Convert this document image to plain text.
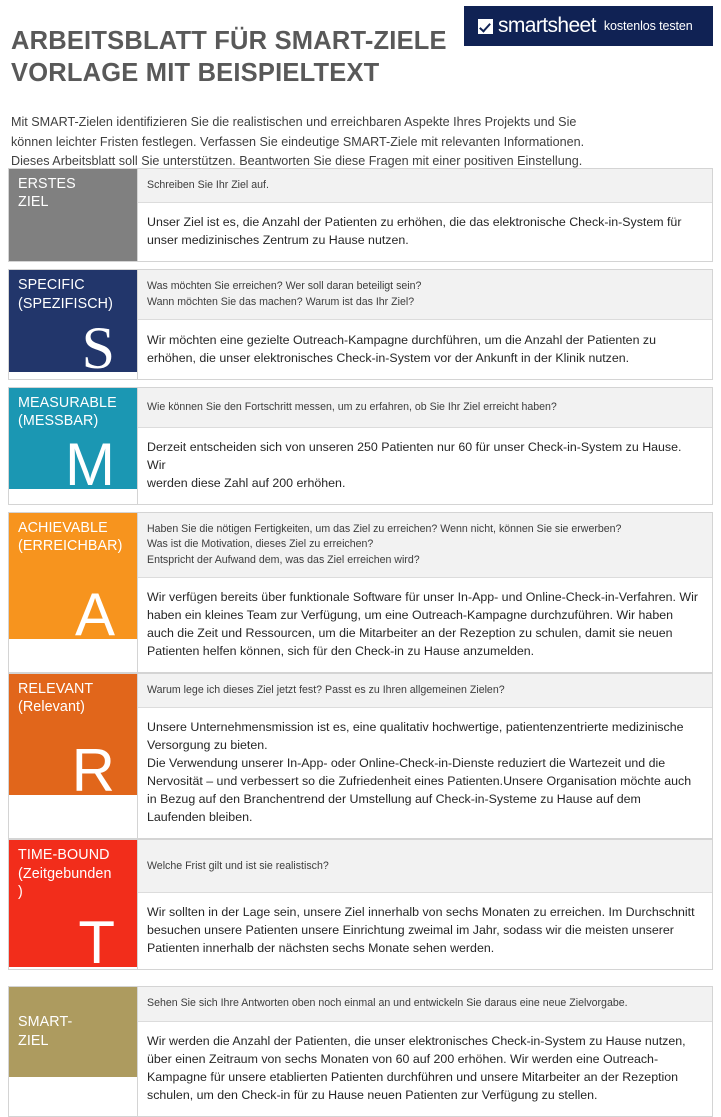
smartsheet kostenlos testen
ARBEITSBLATT FÜR SMART-ZIELE
VORLAGE MIT BEISPIELTEXT
Mit SMART-Zielen identifizieren Sie die realistischen und erreichbaren Aspekte Ihres Projekts und Sie
können leichter Fristen festlegen. Verfassen Sie eindeutige SMART-Ziele mit relevanten Informationen.
Dieses Arbeitsblatt soll Sie unterstützen. Beantworten Sie diese Fragen mit einer positiven Einstellung.
ERSTES
ZIEL
Schreiben Sie Ihr Ziel auf.
Unser Ziel ist es, die Anzahl der Patienten zu erhöhen, die das elektronische Check-in-System für
unser medizinisches Zentrum zu Hause nutzen.
SPECIFIC
(SPEZIFISCH)
S
Was möchten Sie erreichen? Wer soll daran beteiligt sein?
Wann möchten Sie das machen? Warum ist das Ihr Ziel?
Wir möchten eine gezielte Outreach-Kampagne durchführen, um die Anzahl der Patienten zu
erhöhen, die unser elektronisches Check-in-System vor der Ankunft in der Klinik nutzen.
MEASURABLE
(MESSBAR)
M
Wie können Sie den Fortschritt messen, um zu erfahren, ob Sie Ihr Ziel erreicht haben?
Derzeit entscheiden sich von unseren 250 Patienten nur 60 für unser Check-in-System zu Hause. Wir
werden diese Zahl auf 200 erhöhen.
ACHIEVABLE
(ERREICHBAR)
A
Haben Sie die nötigen Fertigkeiten, um das Ziel zu erreichen? Wenn nicht, können Sie sie erwerben?
Was ist die Motivation, dieses Ziel zu erreichen?
Entspricht der Aufwand dem, was das Ziel erreichen wird?
Wir verfügen bereits über funktionale Software für unser In-App- und Online-Check-in-Verfahren. Wir
haben ein kleines Team zur Verfügung, um eine Outreach-Kampagne durchzuführen. Wir haben
auch die Zeit und Ressourcen, um die Mitarbeiter an der Rezeption zu schulen, damit sie neuen
Patienten helfen können, sich für den Check-in zu Hause anzumelden.
RELEVANT
(Relevant)
R
Warum lege ich dieses Ziel jetzt fest? Passt es zu Ihren allgemeinen Zielen?
Unsere Unternehmensmission ist es, eine qualitativ hochwertige, patientenzentrierte medizinische
Versorgung zu bieten.
Die Verwendung unserer In-App- oder Online-Check-in-Dienste reduziert die Wartezeit und die
Nervosität – und verbessert so die Zufriedenheit eines Patienten.Unsere Organisation möchte auch
in Bezug auf den Branchentrend der Umstellung auf Check-in-Systeme zu Hause auf dem
Laufenden bleiben.
TIME-BOUND
(Zeitgebunden
)
T
Welche Frist gilt und ist sie realistisch?
Wir sollten in der Lage sein, unsere Ziel innerhalb von sechs Monaten zu erreichen. Im Durchschnitt
besuchen unsere Patienten unsere Einrichtung zweimal im Jahr, sodass wir die meisten unserer
Patienten innerhalb der nächsten sechs Monate sehen werden.
SMART-
ZIEL
Sehen Sie sich Ihre Antworten oben noch einmal an und entwickeln Sie daraus eine neue Zielvorgabe.
Wir werden die Anzahl der Patienten, die unser elektronisches Check-in-System zu Hause nutzen,
über einen Zeitraum von sechs Monaten von 60 auf 200 erhöhen. Wir werden eine Outreach-
Kampagne für unsere etablierten Patienten durchführen und unsere Mitarbeiter an der Rezeption
schulen, um den Check-in für zu Hause neuen Patienten zur Verfügung zu stellen.
